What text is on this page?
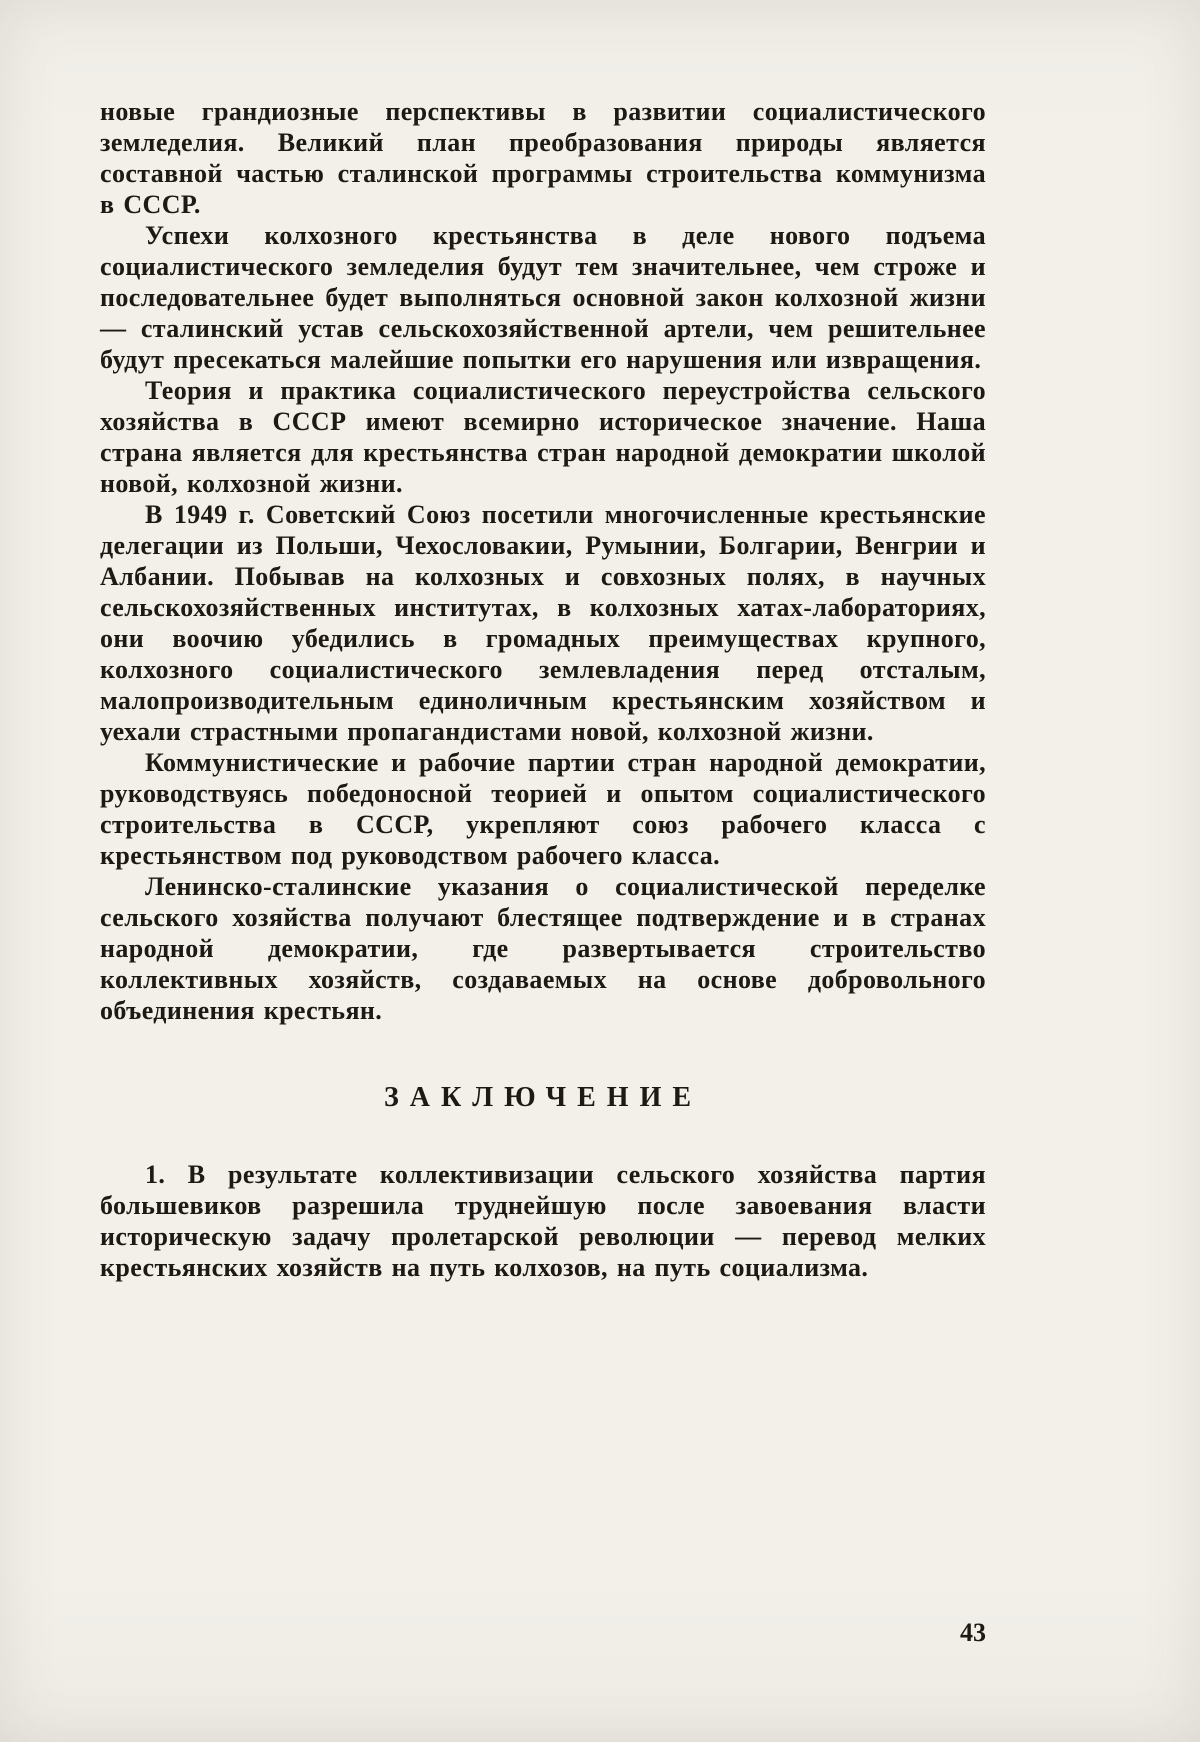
новые грандиозные перспективы в развитии социалистического земледелия. Великий план преобразования природы является составной частью сталинской программы строительства коммунизма в СССР.

Успехи колхозного крестьянства в деле нового подъема социалистического земледелия будут тем значительнее, чем строже и последовательнее будет выполняться основной закон колхозной жизни — сталинский устав сельскохозяйственной артели, чем решительнее будут пресекаться малейшие попытки его нарушения или извращения.

Теория и практика социалистического переустройства сельского хозяйства в СССР имеют всемирно историческое значение. Наша страна является для крестьянства стран народной демократии школой новой, колхозной жизни.

В 1949 г. Советский Союз посетили многочисленные крестьянские делегации из Польши, Чехословакии, Румынии, Болгарии, Венгрии и Албании. Побывав на колхозных и совхозных полях, в научных сельскохозяйственных институтах, в колхозных хатах-лабораториях, они воочию убедились в громадных преимуществах крупного, колхозного социалистического землевладения перед отсталым, малопроизводительным единоличным крестьянским хозяйством и уехали страстными пропагандистами новой, колхозной жизни.

Коммунистические и рабочие партии стран народной демократии, руководствуясь победоносной теорией и опытом социалистического строительства в СССР, укрепляют союз рабочего класса с крестьянством под руководством рабочего класса.

Ленинско-сталинские указания о социалистической переделке сельского хозяйства получают блестящее подтверждение и в странах народной демократии, где развертывается строительство коллективных хозяйств, создаваемых на основе добровольного объединения крестьян.

ЗАКЛЮЧЕНИЕ

1. В результате коллективизации сельского хозяйства партия большевиков разрешила труднейшую после завоевания власти историческую задачу пролетарской революции — перевод мелких крестьянских хозяйств на путь колхозов, на путь социализма.

43
